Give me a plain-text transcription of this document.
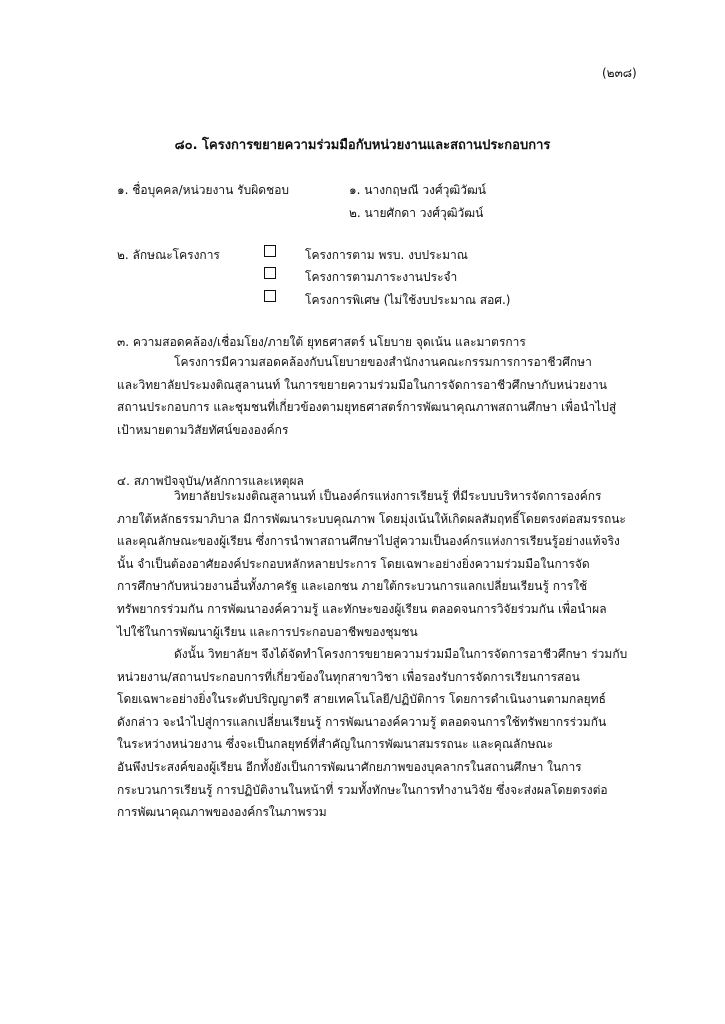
(๒๓๘)
๘๐. โครงการขยายความร่วมมือกับหน่วยงานและสถานประกอบการ
๑. ชื่อบุคคล/หน่วยงาน รับผิดชอบ	๑. นางกฤษณี วงศ์วุฒิวัฒน์
๒. นายศักดา วงศ์วุฒิวัฒน์
๒. ลักษณะโครงการ	โครงการตาม พรบ. งบประมาณ
โครงการตามภาระงานประจำ
โครงการพิเศษ (ไม่ใช้งบประมาณ สอศ.)
๓. ความสอดคล้อง/เชื่อมโยง/ภายใต้ ยุทธศาสตร์ นโยบาย จุดเน้น และมาตรการ
โครงการมีความสอดคล้องกับนโยบายของสำนักงานคณะกรรมการการอาชีวศึกษา
และวิทยาลัยประมงติณสูลานนท์ ในการขยายความร่วมมือในการจัดการอาชีวศึกษากับหน่วยงาน
สถานประกอบการ และชุมชนที่เกี่ยวข้องตามยุทธศาสตร์การพัฒนาคุณภาพสถานศึกษา เพื่อนำไปสู่
เป้าหมายตามวิสัยทัศน์ขององค์กร
๔. สภาพปัจจุบัน/หลักการและเหตุผล
วิทยาลัยประมงติณสูลานนท์ เป็นองค์กรแห่งการเรียนรู้ ที่มีระบบบริหารจัดการองค์กร
ภายใต้หลักธรรมาภิบาล มีการพัฒนาระบบคุณภาพ โดยมุ่งเน้นให้เกิดผลสัมฤทธิ์โดยตรงต่อสมรรถนะ
และคุณลักษณะของผู้เรียน ซึ่งการนำพาสถานศึกษาไปสู่ความเป็นองค์กรแห่งการเรียนรู้อย่างแท้จริง
นั้น จำเป็นต้องอาศัยองค์ประกอบหลักหลายประการ โดยเฉพาะอย่างยิ่งความร่วมมือในการจัด
การศึกษากับหน่วยงานอื่นทั้งภาครัฐ และเอกชน ภายใต้กระบวนการแลกเปลี่ยนเรียนรู้ การใช้
ทรัพยากรร่วมกัน การพัฒนาองค์ความรู้ และทักษะของผู้เรียน ตลอดจนการวิจัยร่วมกัน เพื่อนำผล
ไปใช้ในการพัฒนาผู้เรียน และการประกอบอาชีพของชุมชน
ดังนั้น วิทยาลัยฯ จึงได้จัดทำโครงการขยายความร่วมมือในการจัดการอาชีวศึกษา ร่วมกับ
หน่วยงาน/สถานประกอบการที่เกี่ยวข้องในทุกสาขาวิชา เพื่อรองรับการจัดการเรียนการสอน
โดยเฉพาะอย่างยิ่งในระดับปริญญาตรี สายเทคโนโลยี/ปฏิบัติการ โดยการดำเนินงานตามกลยุทธ์
ดังกล่าว จะนำไปสู่การแลกเปลี่ยนเรียนรู้ การพัฒนาองค์ความรู้ ตลอดจนการใช้ทรัพยากรร่วมกัน
ในระหว่างหน่วยงาน ซึ่งจะเป็นกลยุทธ์ที่สำคัญในการพัฒนาสมรรถนะ และคุณลักษณะ
อันพึงประสงค์ของผู้เรียน อีกทั้งยังเป็นการพัฒนาศักยภาพของบุคลากรในสถานศึกษา ในการ
กระบวนการเรียนรู้ การปฏิบัติงานในหน้าที่ รวมทั้งทักษะในการทำงานวิจัย ซึ่งจะส่งผลโดยตรงต่อ
การพัฒนาคุณภาพขององค์กรในภาพรวม
